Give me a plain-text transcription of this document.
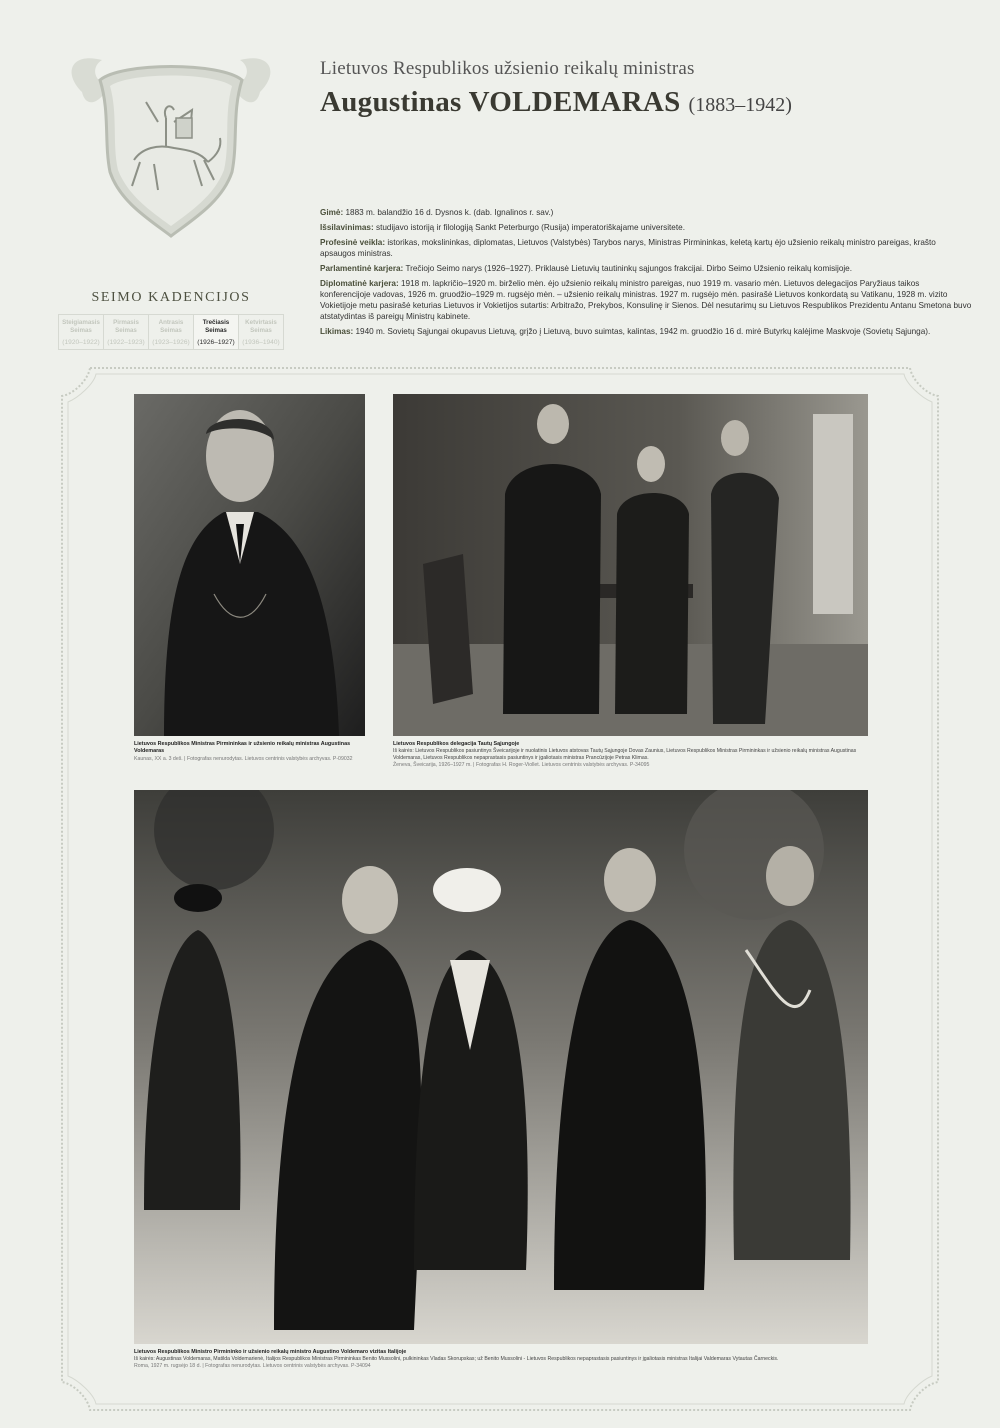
Lietuvos Respublikos užsienio reikalų ministras
Augustinas VOLDEMARAS (1883–1942)

Gimė: 1883 m. balandžio 16 d. Dysnos k. (dab. Ignalinos r. sav.)

Išsilavinimas: studijavo istoriją ir filologiją Sankt Peterburgo (Rusija) imperatoriškajame universitete.

Profesinė veikla: istorikas, mokslininkas, diplomatas, Lietuvos (Valstybės) Tarybos narys, Ministras Pirmininkas, keletą kartų ėjo užsienio reikalų ministro pareigas, krašto apsaugos ministras.

Parlamentinė karjera: Trečiojo Seimo narys (1926–1927). Priklausė Lietuvių tautininkų sąjungos frakcijai. Dirbo Seimo Užsienio reikalų komisijoje.

Diplomatinė karjera: 1918 m. lapkričio–1920 m. birželio mėn. ėjo užsienio reikalų ministro pareigas, nuo 1919 m. vasario mėn. Lietuvos delegacijos Paryžiaus taikos konferencijoje vadovas, 1926 m. gruodžio–1929 m. rugsėjo mėn. – užsienio reikalų ministras. 1927 m. rugsėjo mėn. pasirašė Lietuvos konkordatą su Vatikanu, 1928 m. vizito Vokietijoje metu pasirašė keturias Lietuvos ir Vokietijos sutartis: Arbitražo, Prekybos, Konsulinę ir Sienos. Dėl nesutarimų su Lietuvos Respublikos Prezidentu Antanu Smetona buvo atstatydintas iš pareigų Ministrų kabinete.

Likimas: 1940 m. Sovietų Sąjungai okupavus Lietuvą, grįžo į Lietuvą, buvo suimtas, kalintas, 1942 m. gruodžio 16 d. mirė Butyrkų kalėjime Maskvoje (Sovietų Sąjunga).

SEIMO KADENCIJOS
Steigiamasis
Seimas
(1920–1922)
Pirmasis
Seimas
(1922–1923)
Antrasis
Seimas
(1923–1926)
Trečiasis
Seimas
(1926–1927)
Ketvirtasis
Seimas
(1936–1940)
Lietuvos Respublikos Ministras Pirmininkas ir užsienio reikalų ministras Augustinas Voldemaras
Kaunas, XX a. 3 deš. | Fotografas nenurodytas. Lietuvos centrinis valstybės archyvas. P-09032
Lietuvos Respublikos delegacija Tautų Sąjungoje
Iš kairės: Lietuvos Respublikos pasiuntinys Šveicarijoje ir nuolatinis Lietuvos atstovas Tautų Sąjungoje Dovas Zaunius, Lietuvos Respublikos Ministras Pirmininkas ir užsienio reikalų ministras Augustinas Voldemaras, Lietuvos Respublikos nepaprastasis pasiuntinys ir įgaliotasis ministras Prancūzijoje Petras Klimas.
Ženeva, Šveicarija, 1926–1927 m. | Fotografas H. Roger-Viollet. Lietuvos centrinis valstybės archyvas. P-34095
Lietuvos Respublikos Ministro Pirmininko ir užsienio reikalų ministro Augustino Voldemaro vizitas Italijoje
Iš kairės: Augustinas Voldemaras, Matilda Voldemarienė, Italijos Respublikos Ministras Pirmininkas Benito Mussolini, pulkininkas Vladas Skorupskas; už Benito Mussolini - Lietuvos Respublikos nepaprastasis pasiuntinys ir įgaliotasis ministras Italijai Valdemaras Vytautas Čarneckis.
Roma, 1927 m. rugsėjo 18 d. | Fotografas nenurodytas. Lietuvos centrinis valstybės archyvas. P-34094
